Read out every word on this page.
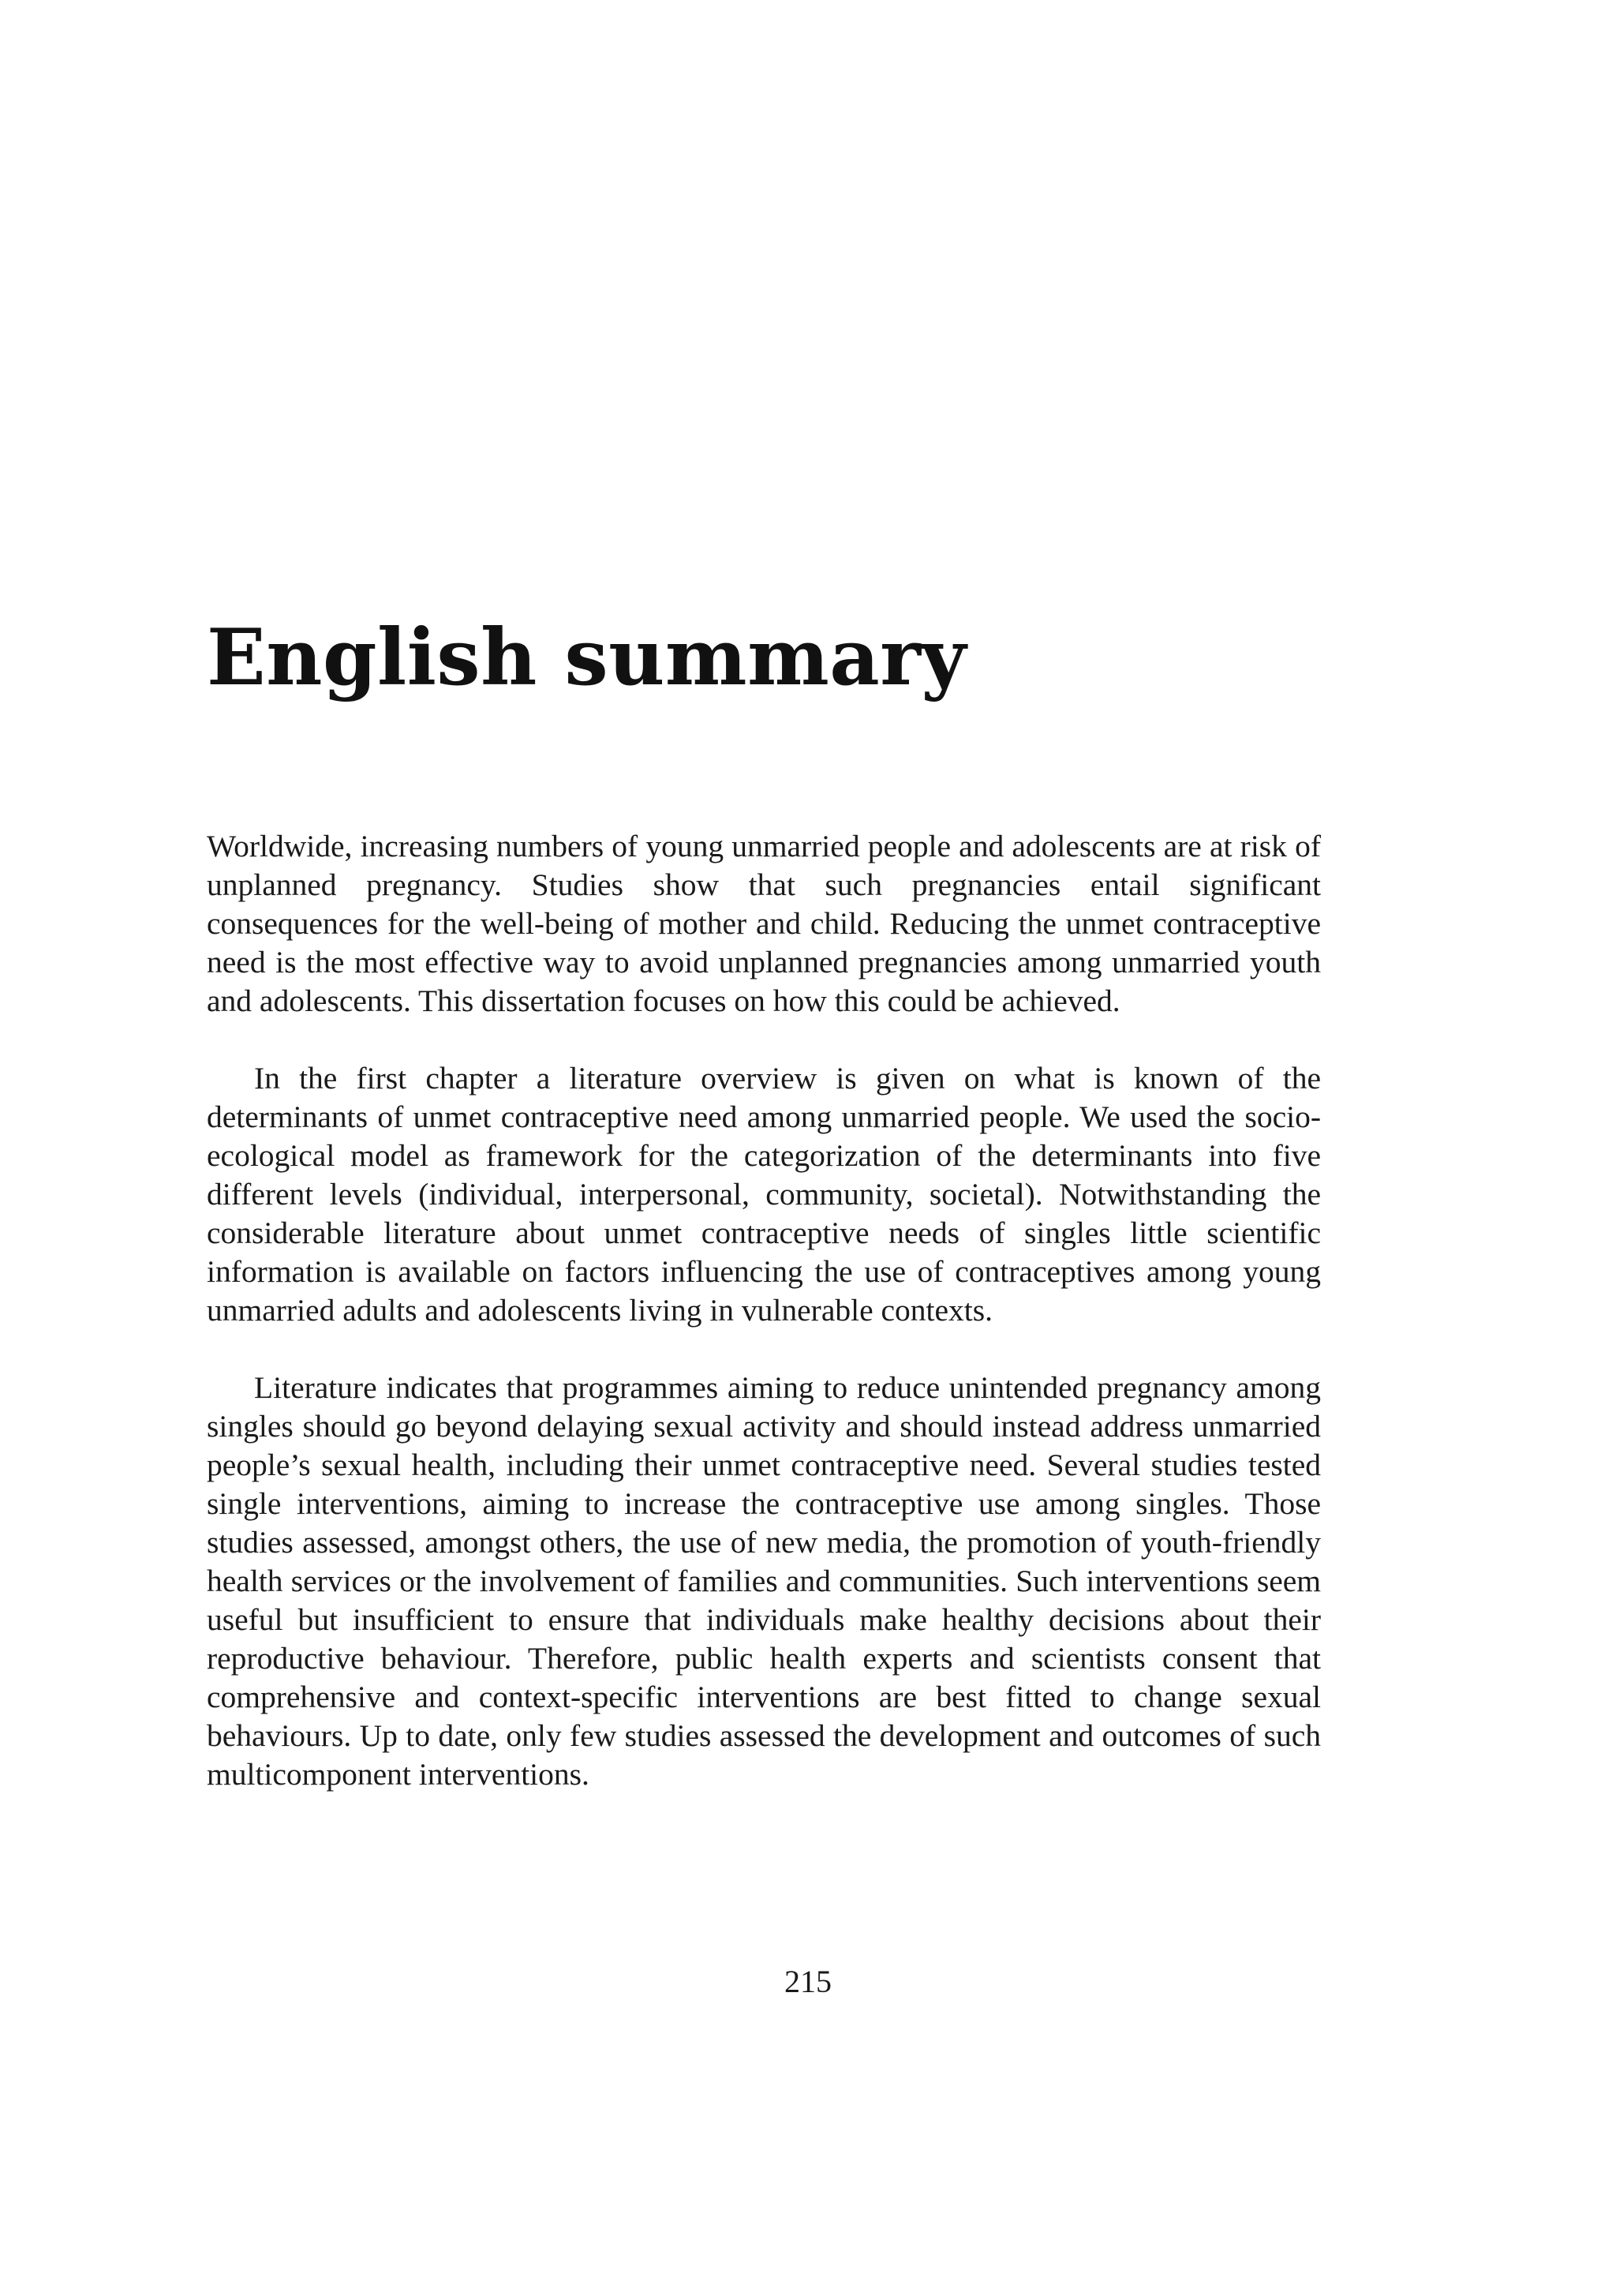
English summary

Worldwide, increasing numbers of young unmarried people and adolescents are at risk of unplanned pregnancy. Studies show that such pregnancies entail significant consequences for the well-being of mother and child. Reducing the unmet contraceptive need is the most effective way to avoid unplanned pregnancies among unmarried youth and adolescents. This dissertation focuses on how this could be achieved.

In the first chapter a literature overview is given on what is known of the determinants of unmet contraceptive need among unmarried people. We used the socio-ecological model as framework for the categorization of the determinants into five different levels (individual, interpersonal, community, societal). Notwithstanding the considerable literature about unmet contraceptive needs of singles little scientific information is available on factors influencing the use of contraceptives among young unmarried adults and adolescents living in vulnerable contexts.

Literature indicates that programmes aiming to reduce unintended pregnancy among singles should go beyond delaying sexual activity and should instead address unmarried people’s sexual health, including their unmet contraceptive need. Several studies tested single interventions, aiming to increase the contraceptive use among singles. Those studies assessed, amongst others, the use of new media, the promotion of youth-friendly health services or the involvement of families and communities. Such interventions seem useful but insufficient to ensure that individuals make healthy decisions about their reproductive behaviour. Therefore, public health experts and scientists consent that comprehensive and context-specific interventions are best fitted to change sexual behaviours. Up to date, only few studies assessed the development and outcomes of such multicomponent interventions.

215
